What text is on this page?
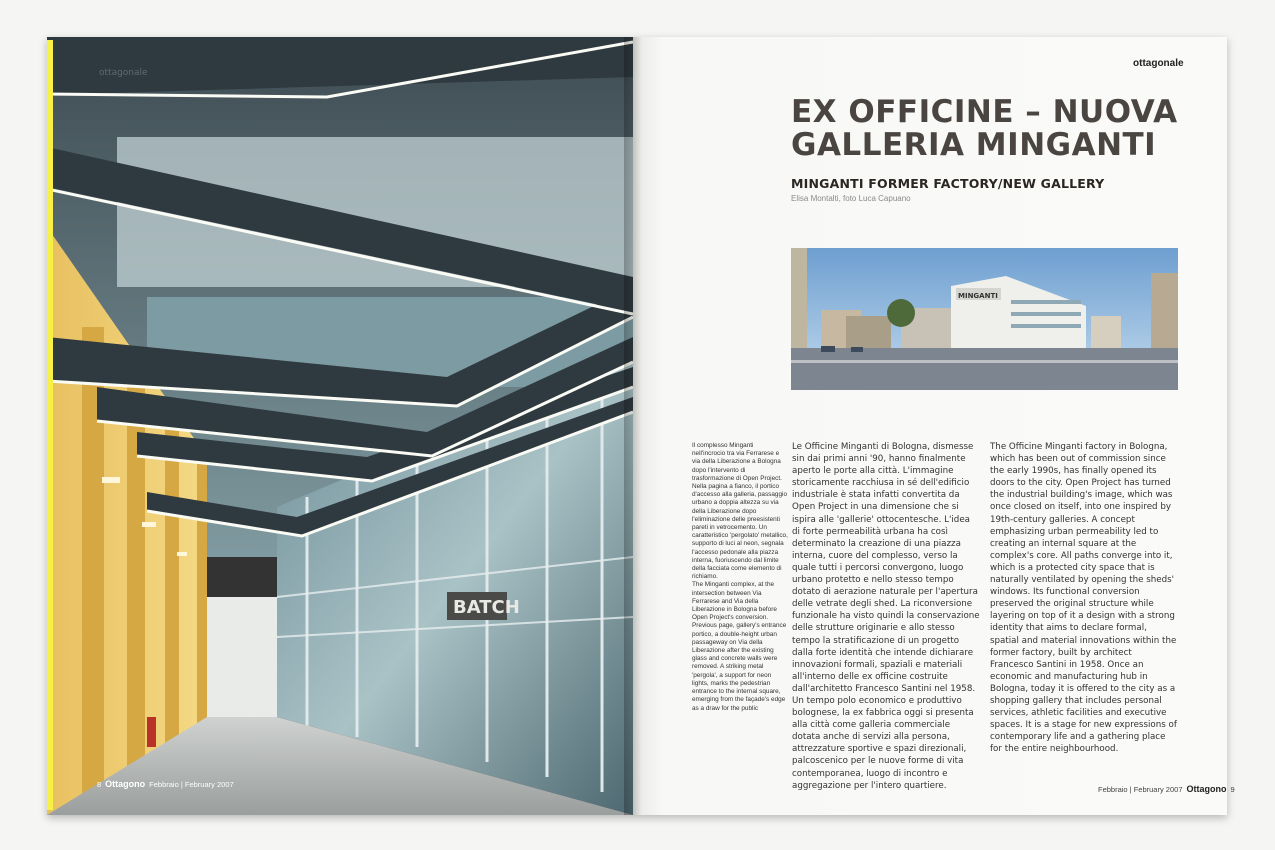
BATCH
ottagonale
ottagonale
EX OFFICINE – NUOVA
GALLERIA MINGANTI
MINGANTI FORMER FACTORY/NEW GALLERY
Elisa Montalti, foto Luca Capuano
MINGANTI

Il complesso Minganti nell'incrocio tra via Ferrarese e via della Liberazione a Bologna dopo l'intervento di trasformazione di Open Project. Nella pagina a fianco, il portico d'accesso alla galleria, passaggio urbano a doppia altezza su via della Liberazione dopo l'eliminazione delle preesistenti pareti in vetrocemento. Un caratteristico 'pergolato' metallico, supporto di luci al neon, segnala l'accesso pedonale alla piazza interna, fuoriuscendo dal limite della facciata come elemento di richiamo.

The Minganti complex, at the intersection between Via Ferrarese and Via della Liberazione in Bologna before Open Project's conversion. Previous page, gallery's entrance portico, a double-height urban passageway on Via della Liberazione after the existing glass and concrete walls were removed. A striking metal 'pergola', a support for neon lights, marks the pedestrian entrance to the internal square, emerging from the façade's edge as a draw for the public

Le Officine Minganti di Bologna, dismesse sin dai primi anni '90, hanno finalmente aperto le porte alla città. L'immagine storicamente racchiusa in sé dell'edificio industriale è stata infatti convertita da Open Project in una dimensione che si ispira alle 'gallerie' ottocentesche. L'idea di forte permeabilità urbana ha così determinato la creazione di una piazza interna, cuore del complesso, verso la quale tutti i percorsi convergono, luogo urbano protetto e nello stesso tempo dotato di aerazione naturale per l'apertura delle vetrate degli shed. La riconversione funzionale ha visto quindi la conservazione delle strutture originarie e allo stesso tempo la stratificazione di un progetto dalla forte identità che intende dichiarare innovazioni formali, spaziali e materiali all'interno delle ex officine costruite dall'architetto Francesco Santini nel 1958. Un tempo polo economico e produttivo bolognese, la ex fabbrica oggi si presenta alla città come galleria commerciale dotata anche di servizi alla persona, attrezzature sportive e spazi direzionali, palcoscenico per le nuove forme di vita contemporanea, luogo di incontro e aggregazione per l'intero quartiere.

The Officine Minganti factory in Bologna, which has been out of commission since the early 1990s, has finally opened its doors to the city. Open Project has turned the industrial building's image, which was once closed on itself, into one inspired by 19th-century galleries. A concept emphasizing urban permeability led to creating an internal square at the complex's core. All paths converge into it, which is a protected city space that is naturally ventilated by opening the sheds' windows. Its functional conversion preserved the original structure while layering on top of it a design with a strong identity that aims to declare formal, spatial and material innovations within the former factory, built by architect Francesco Santini in 1958. Once an economic and manufacturing hub in Bologna, today it is offered to the city as a shopping gallery that includes personal services, athletic facilities and executive spaces. It is a stage for new expressions of contemporary life and a gathering place for the entire neighbourhood.

8 Ottagono Febbraio | February 2007
Febbraio | February 2007 Ottagono 9
